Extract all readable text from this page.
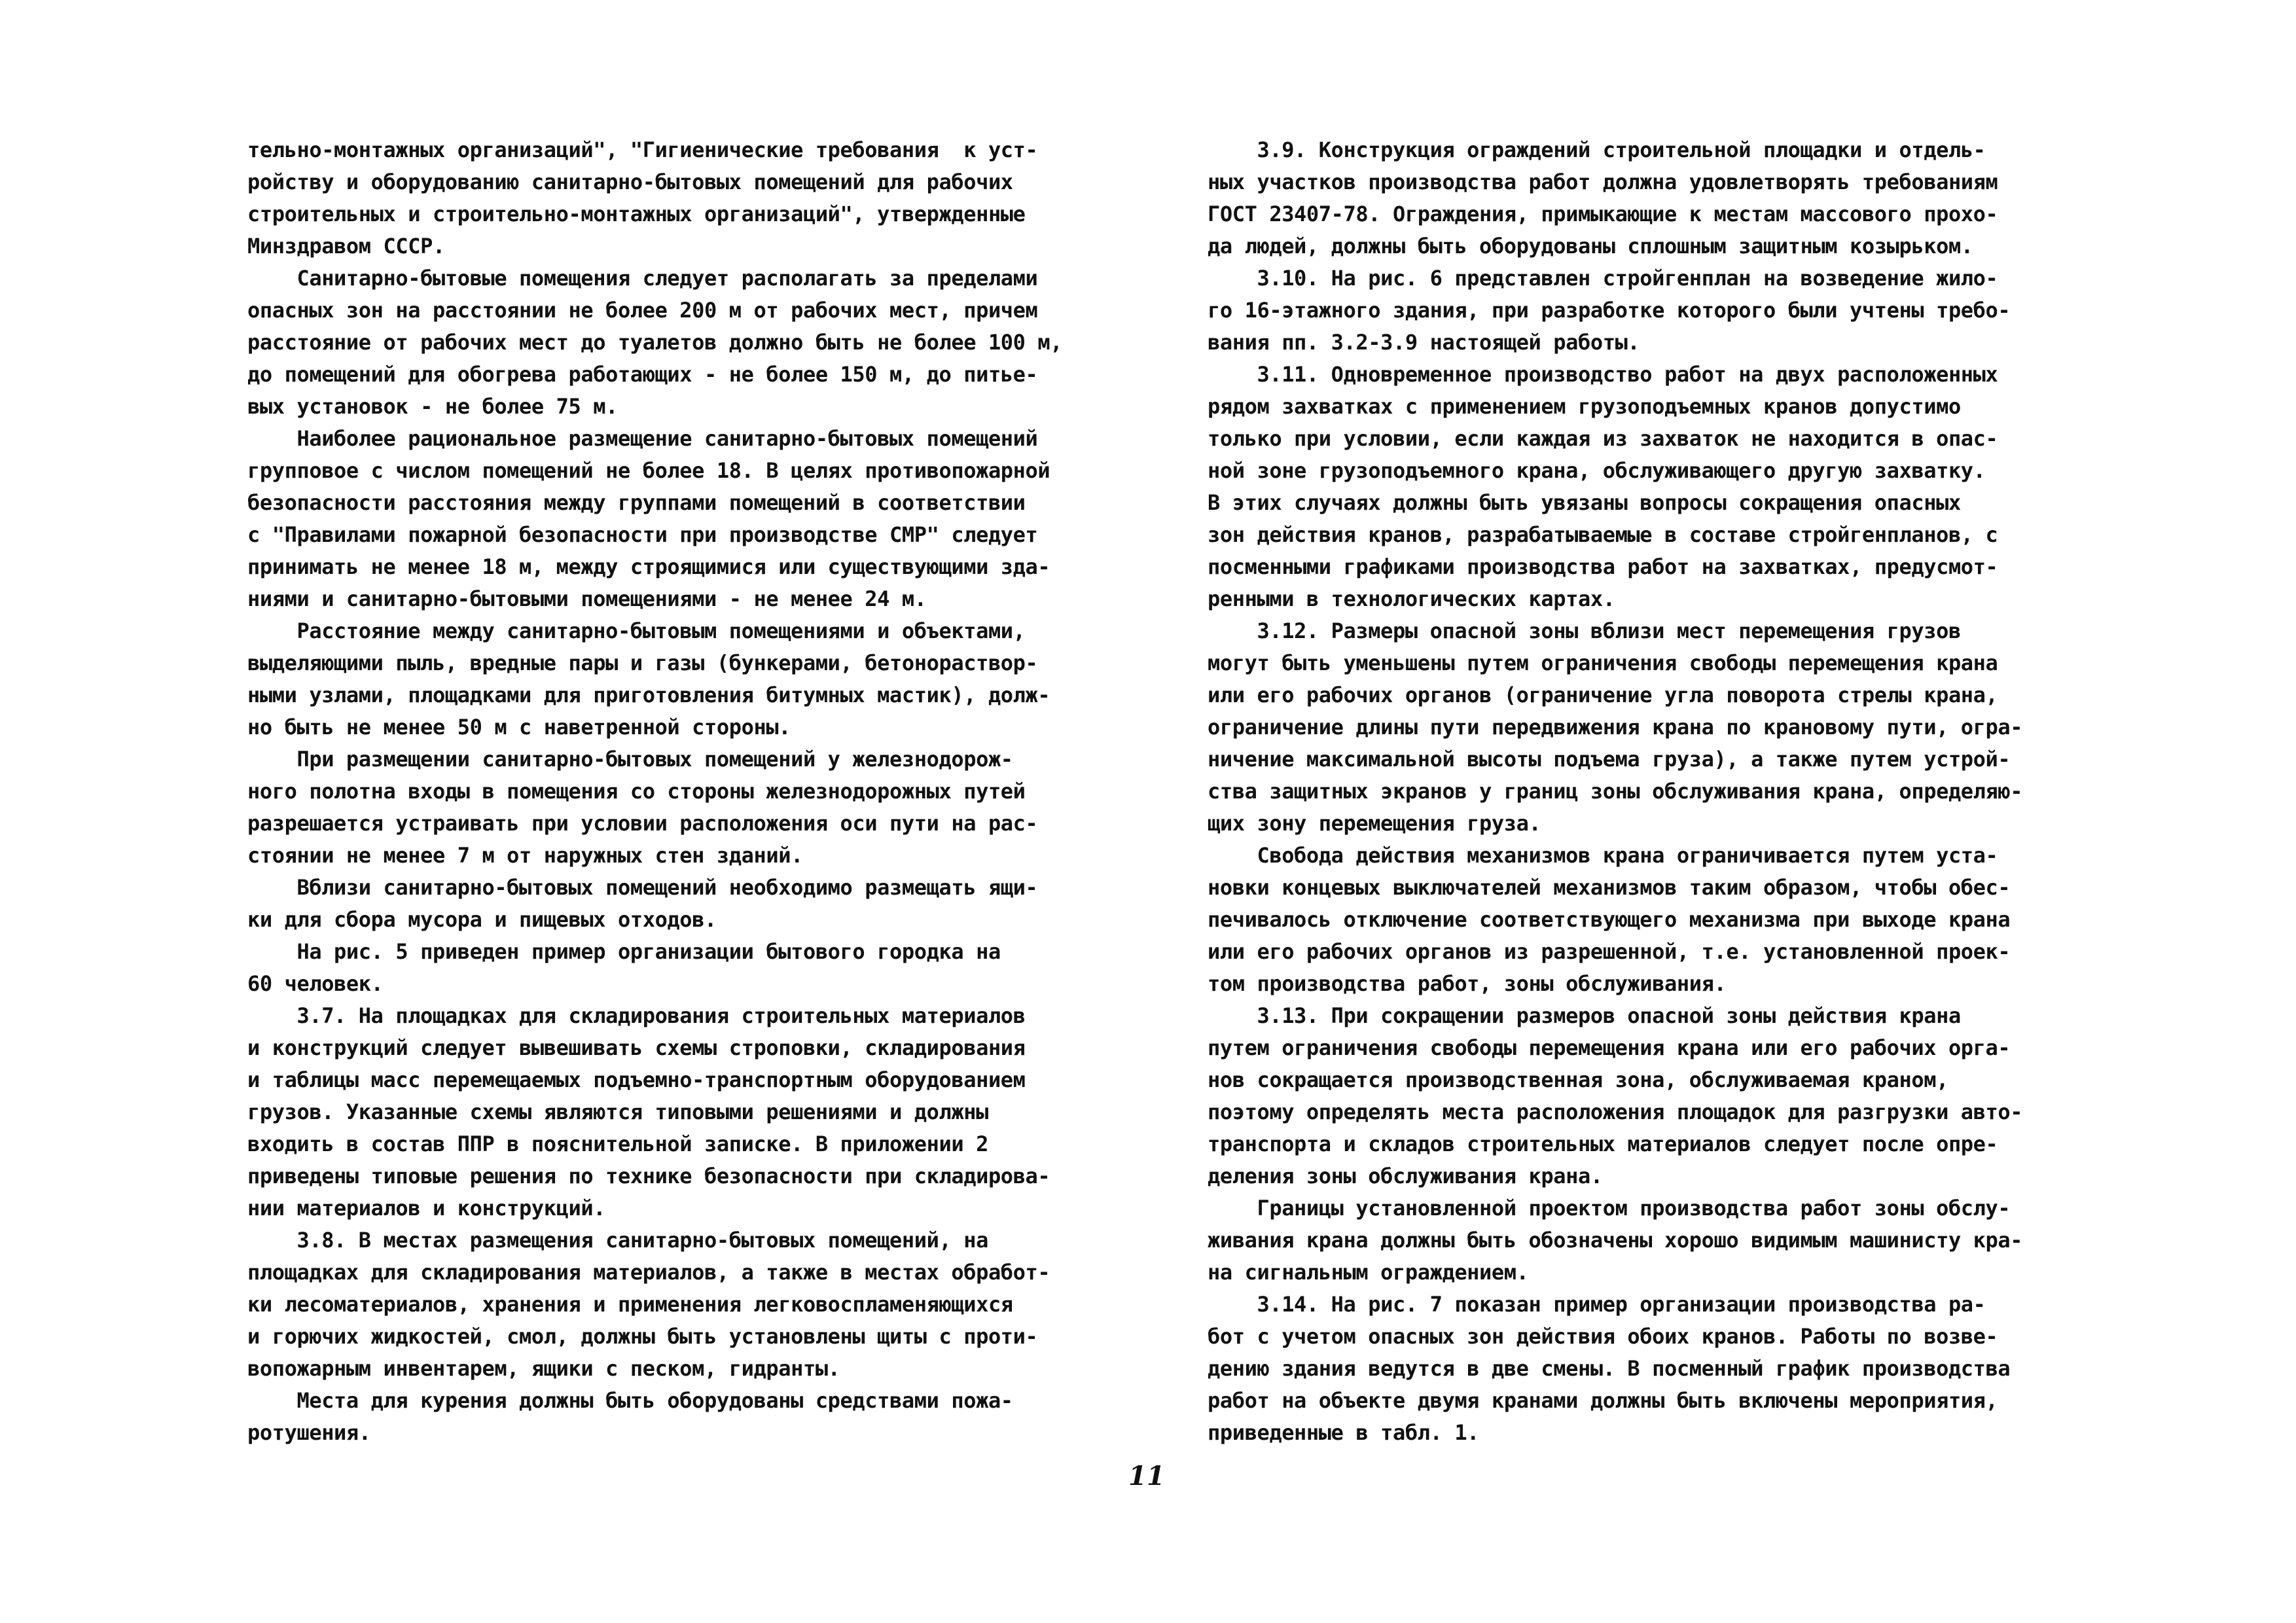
тельно-монтажных организаций", "Гигиенические требования  к уст-
ройству и оборудованию санитарно-бытовых помещений для рабочих
строительных и строительно-монтажных организаций", утвержденные
Минздравом СССР.
Санитарно-бытовые помещения следует располагать за пределами
опасных зон на расстоянии не более 200 м от рабочих мест, причем
расстояние от рабочих мест до туалетов должно быть не более 100 м,
до помещений для обогрева работающих - не более 150 м, до питье-
вых установок - не более 75 м.
Наиболее рациональное размещение санитарно-бытовых помещений
групповое с числом помещений не более 18. В целях противопожарной
безопасности расстояния между группами помещений в соответствии
с "Правилами пожарной безопасности при производстве СМР" следует
принимать не менее 18 м, между строящимися или существующими зда-
ниями и санитарно-бытовыми помещениями - не менее 24 м.
Расстояние между санитарно-бытовым помещениями и объектами,
выделяющими пыль, вредные пары и газы (бункерами, бетонораствор-
ными узлами, площадками для приготовления битумных мастик), долж-
но быть не менее 50 м с наветренной стороны.
При размещении санитарно-бытовых помещений у железнодорож-
ного полотна входы в помещения со стороны железнодорожных путей
разрешается устраивать при условии расположения оси пути на рас-
стоянии не менее 7 м от наружных стен зданий.
Вблизи санитарно-бытовых помещений необходимо размещать ящи-
ки для сбора мусора и пищевых отходов.
На рис. 5 приведен пример организации бытового городка на
60 человек.
3.7. На площадках для складирования строительных материалов
и конструкций следует вывешивать схемы строповки, складирования
и таблицы масс перемещаемых подъемно-транспортным оборудованием
грузов. Указанные схемы являются типовыми решениями и должны
входить в состав ППР в пояснительной записке. В приложении 2
приведены типовые решения по технике безопасности при складирова-
нии материалов и конструкций.
3.8. В местах размещения санитарно-бытовых помещений, на
площадках для складирования материалов, а также в местах обработ-
ки лесоматериалов, хранения и применения легковоспламеняющихся
и горючих жидкостей, смол, должны быть установлены щиты с проти-
вопожарным инвентарем, ящики с песком, гидранты.
Места для курения должны быть оборудованы средствами пожа-
ротушения.
3.9. Конструкция ограждений строительной площадки и отдель-
ных участков производства работ должна удовлетворять требованиям
ГОСТ 23407-78. Ограждения, примыкающие к местам массового прохо-
да людей, должны быть оборудованы сплошным защитным козырьком.
3.10. На рис. 6 представлен стройгенплан на возведение жило-
го 16-этажного здания, при разработке которого были учтены требо-
вания пп. 3.2-3.9 настоящей работы.
3.11. Одновременное производство работ на двух расположенных
рядом захватках с применением грузоподъемных кранов допустимо
только при условии, если каждая из захваток не находится в опас-
ной зоне грузоподъемного крана, обслуживающего другую захватку.
В этих случаях должны быть увязаны вопросы сокращения опасных
зон действия кранов, разрабатываемые в составе стройгенпланов, с
посменными графиками производства работ на захватках, предусмот-
ренными в технологических картах.
3.12. Размеры опасной зоны вблизи мест перемещения грузов
могут быть уменьшены путем ограничения свободы перемещения крана
или его рабочих органов (ограничение угла поворота стрелы крана,
ограничение длины пути передвижения крана по крановому пути, огра-
ничение максимальной высоты подъема груза), а также путем устрой-
ства защитных экранов у границ зоны обслуживания крана, определяю-
щих зону перемещения груза.
Свобода действия механизмов крана ограничивается путем уста-
новки концевых выключателей механизмов таким образом, чтобы обес-
печивалось отключение соответствующего механизма при выходе крана
или его рабочих органов из разрешенной, т.е. установленной проек-
том производства работ, зоны обслуживания.
3.13. При сокращении размеров опасной зоны действия крана
путем ограничения свободы перемещения крана или его рабочих орга-
нов сокращается производственная зона, обслуживаемая краном,
поэтому определять места расположения площадок для разгрузки авто-
транспорта и складов строительных материалов следует после опре-
деления зоны обслуживания крана.
Границы установленной проектом производства работ зоны обслу-
живания крана должны быть обозначены хорошо видимым машинисту кра-
на сигнальным ограждением.
3.14. На рис. 7 показан пример организации производства ра-
бот с учетом опасных зон действия обоих кранов. Работы по возве-
дению здания ведутся в две смены. В посменный график производства
работ на объекте двумя кранами должны быть включены мероприятия,
приведенные в табл. 1.
11
